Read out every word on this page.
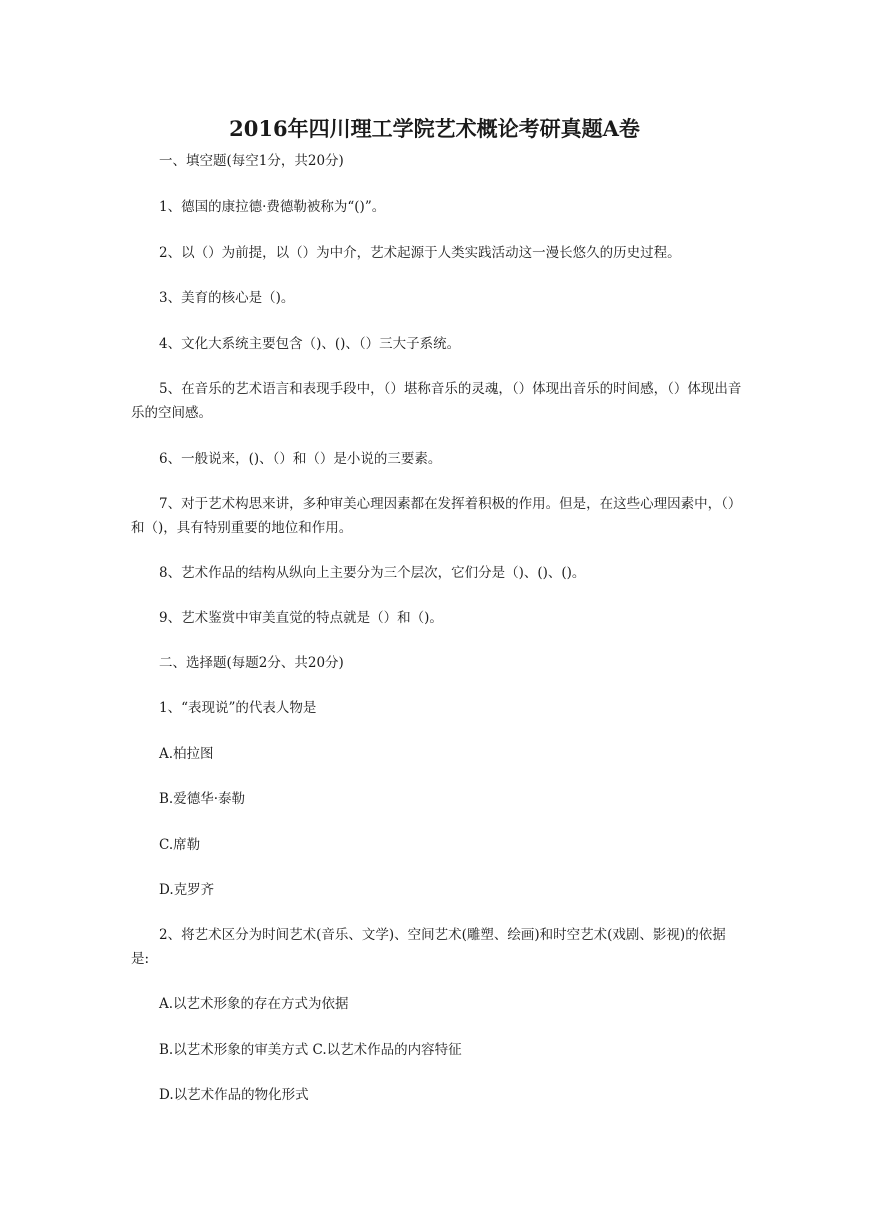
2016年四川理工学院艺术概论考研真题A卷
一、填空题(每空1分，共20分)
1、德国的康拉德·费德勒被称为“()”。
2、以（）为前提，以（）为中介，艺术起源于人类实践活动这一漫长悠久的历史过程。
3、美育的核心是（)。
4、文化大系统主要包含（)、()、（）三大子系统。
5、在音乐的艺术语言和表现手段中，（）堪称音乐的灵魂，（）体现出音乐的时间感，（）体现出音乐的空间感。
6、一般说来，()、（）和（）是小说的三要素。
7、对于艺术构思来讲，多种审美心理因素都在发挥着积极的作用。但是，在这些心理因素中，（）和（)，具有特别重要的地位和作用。
8、艺术作品的结构从纵向上主要分为三个层次，它们分是（)、()、()。
9、艺术鉴赏中审美直觉的特点就是（）和（)。
二、选择题(每题2分、共20分)
1、“表现说”的代表人物是
A.柏拉图
B.爱德华·泰勒
C.席勒
D.克罗齐
2、将艺术区分为时间艺术(音乐、文学)、空间艺术(雕塑、绘画)和时空艺术(戏剧、影视)的依据是:
A.以艺术形象的存在方式为依据
B.以艺术形象的审美方式 C.以艺术作品的内容特征
D.以艺术作品的物化形式
